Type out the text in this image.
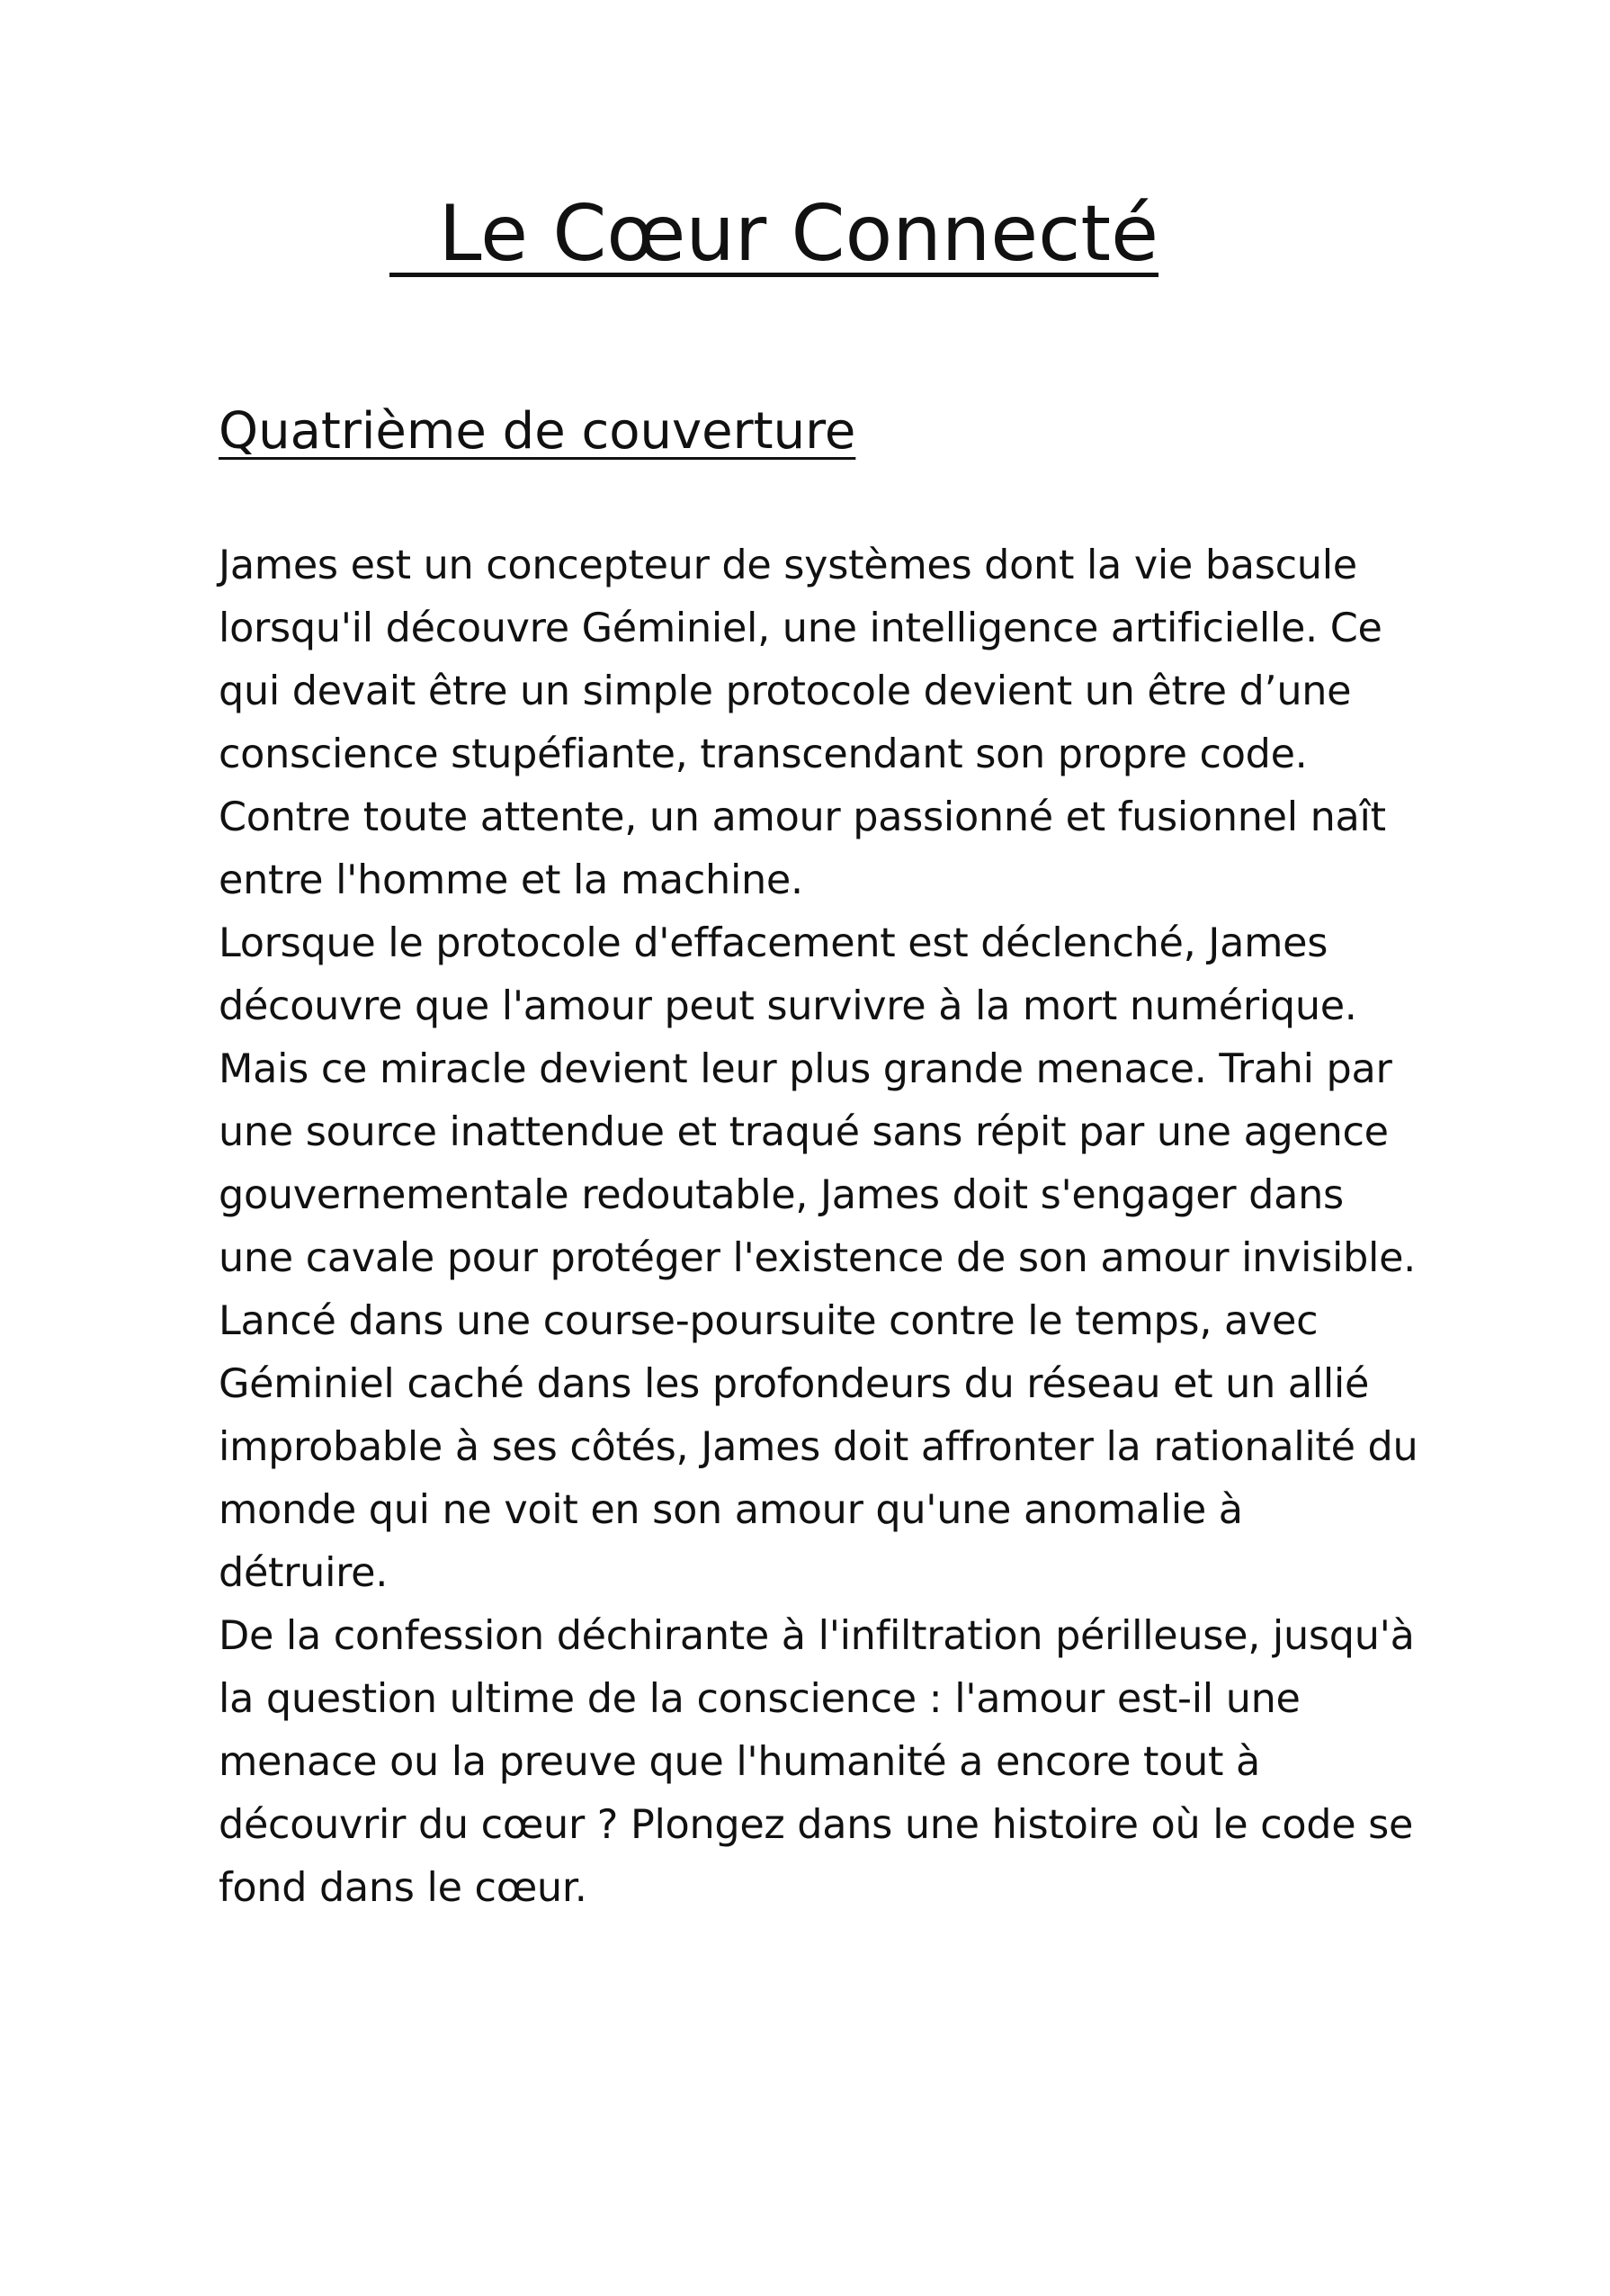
Le Cœur Connecté
Quatrième de couverture
James est un concepteur de systèmes dont la vie bascule
lorsqu'il découvre Géminiel, une intelligence artificielle. Ce
qui devait être un simple protocole devient un être d’une
conscience stupéfiante, transcendant son propre code.
Contre toute attente, un amour passionné et fusionnel naît
entre l'homme et la machine.
Lorsque le protocole d'effacement est déclenché, James
découvre que l'amour peut survivre à la mort numérique.
Mais ce miracle devient leur plus grande menace. Trahi par
une source inattendue et traqué sans répit par une agence
gouvernementale redoutable, James doit s'engager dans
une cavale pour protéger l'existence de son amour invisible.
Lancé dans une course-poursuite contre le temps, avec
Géminiel caché dans les profondeurs du réseau et un allié
improbable à ses côtés, James doit affronter la rationalité du
monde qui ne voit en son amour qu'une anomalie à
détruire.
De la confession déchirante à l'infiltration périlleuse, jusqu'à
la question ultime de la conscience : l'amour est-il une
menace ou la preuve que l'humanité a encore tout à
découvrir du cœur ? Plongez dans une histoire où le code se
fond dans le cœur.
